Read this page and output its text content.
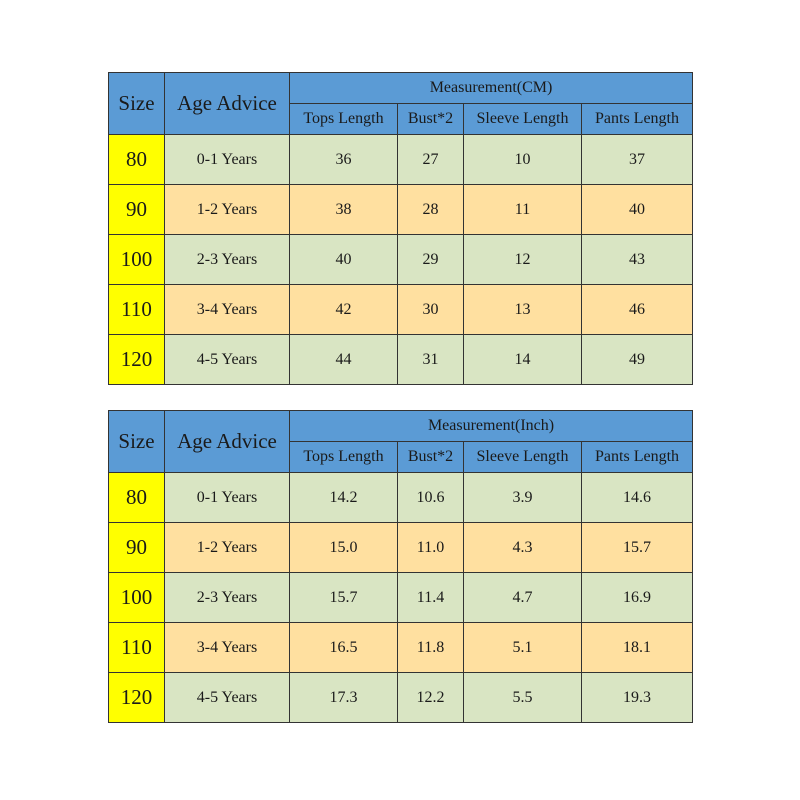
Size	Age Advice	Measurement(CM)			
		Tops Length	Bust*2	Sleeve Length	Pants Length
80	0-1 Years	36	27	10	37
90	1-2 Years	38	28	11	40
100	2-3 Years	40	29	12	43
110	3-4 Years	42	30	13	46
120	4-5 Years	44	31	14	49
Size	Age Advice	Measurement(Inch)			
		Tops Length	Bust*2	Sleeve Length	Pants Length
80	0-1 Years	14.2	10.6	3.9	14.6
90	1-2 Years	15.0	11.0	4.3	15.7
100	2-3 Years	15.7	11.4	4.7	16.9
110	3-4 Years	16.5	11.8	5.1	18.1
120	4-5 Years	17.3	12.2	5.5	19.3
